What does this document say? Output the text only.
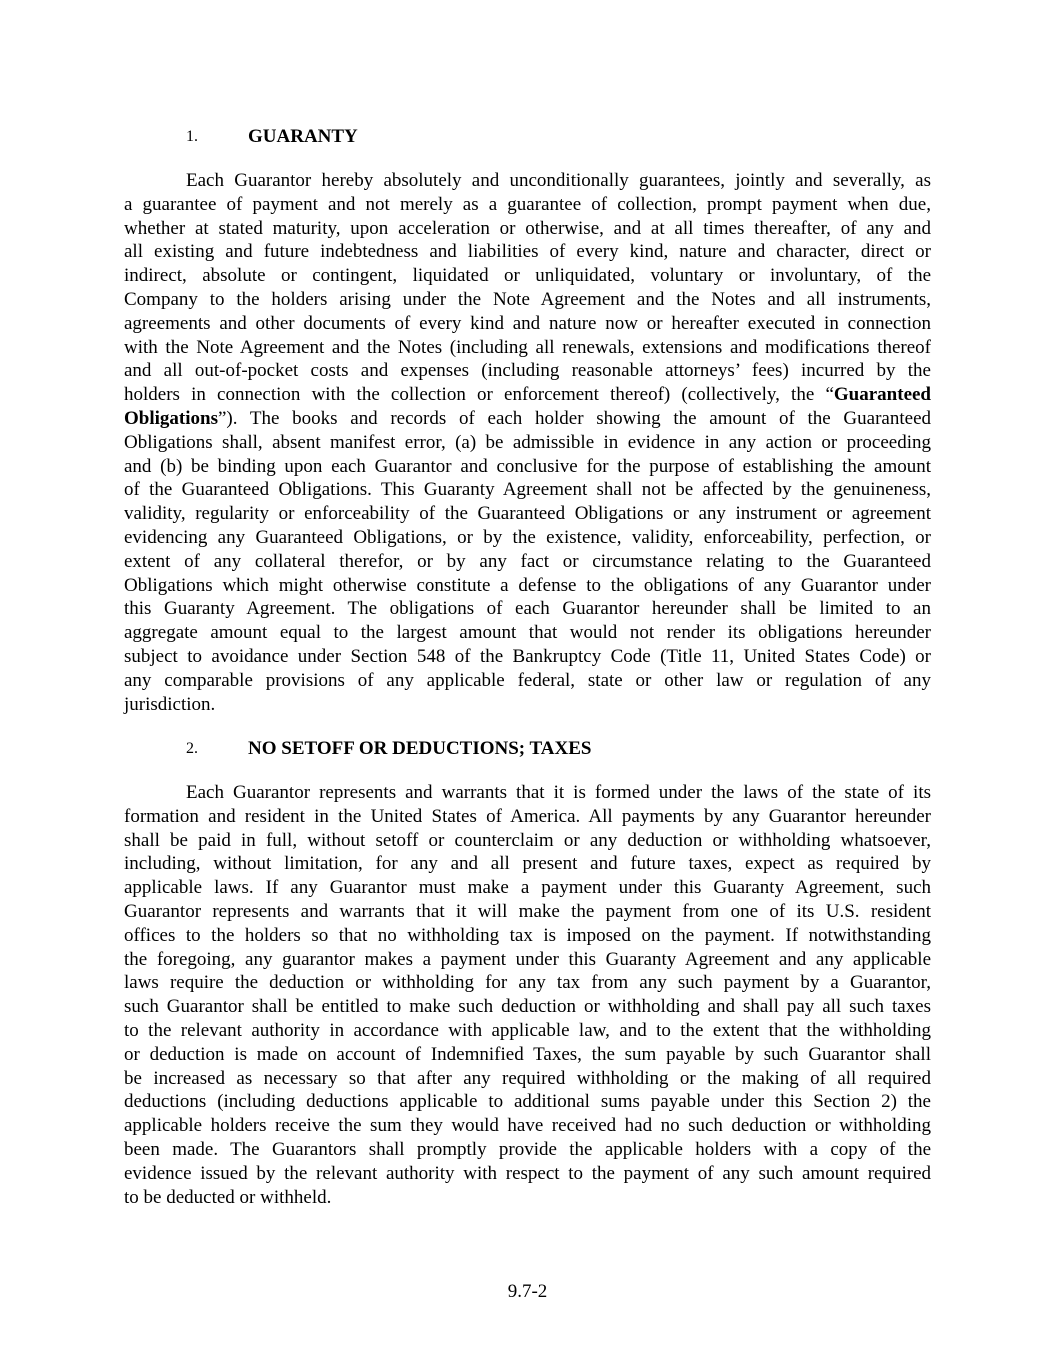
1.	GUARANTY
Each Guarantor hereby absolutely and unconditionally guarantees, jointly and severally, as
a guarantee of payment and not merely as a guarantee of collection, prompt payment when due,
whether at stated maturity, upon acceleration or otherwise, and at all times thereafter, of any and
all existing and future indebtedness and liabilities of every kind, nature and character, direct or
indirect, absolute or contingent, liquidated or unliquidated, voluntary or involuntary, of the
Company to the holders arising under the Note Agreement and the Notes and all instruments,
agreements and other documents of every kind and nature now or hereafter executed in connection
with the Note Agreement and the Notes (including all renewals, extensions and modifications thereof
and all out-of-pocket costs and expenses (including reasonable attorneys’ fees) incurred by the
holders in connection with the collection or enforcement thereof) (collectively, the “Guaranteed
Obligations”). The books and records of each holder showing the amount of the Guaranteed
Obligations shall, absent manifest error, (a) be admissible in evidence in any action or proceeding
and (b) be binding upon each Guarantor and conclusive for the purpose of establishing the amount
of the Guaranteed Obligations. This Guaranty Agreement shall not be affected by the genuineness,
validity, regularity or enforceability of the Guaranteed Obligations or any instrument or agreement
evidencing any Guaranteed Obligations, or by the existence, validity, enforceability, perfection, or
extent of any collateral therefor, or by any fact or circumstance relating to the Guaranteed
Obligations which might otherwise constitute a defense to the obligations of any Guarantor under
this Guaranty Agreement. The obligations of each Guarantor hereunder shall be limited to an
aggregate amount equal to the largest amount that would not render its obligations hereunder
subject to avoidance under Section 548 of the Bankruptcy Code (Title 11, United States Code) or
any comparable provisions of any applicable federal, state or other law or regulation of any
jurisdiction.
2.	NO SETOFF OR DEDUCTIONS; TAXES
Each Guarantor represents and warrants that it is formed under the laws of the state of its
formation and resident in the United States of America. All payments by any Guarantor hereunder
shall be paid in full, without setoff or counterclaim or any deduction or withholding whatsoever,
including, without limitation, for any and all present and future taxes, expect as required by
applicable laws. If any Guarantor must make a payment under this Guaranty Agreement, such
Guarantor represents and warrants that it will make the payment from one of its U.S. resident
offices to the holders so that no withholding tax is imposed on the payment. If notwithstanding
the foregoing, any guarantor makes a payment under this Guaranty Agreement and any applicable
laws require the deduction or withholding for any tax from any such payment by a Guarantor,
such Guarantor shall be entitled to make such deduction or withholding and shall pay all such taxes
to the relevant authority in accordance with applicable law, and to the extent that the withholding
or deduction is made on account of Indemnified Taxes, the sum payable by such Guarantor shall
be increased as necessary so that after any required withholding or the making of all required
deductions (including deductions applicable to additional sums payable under this Section 2) the
applicable holders receive the sum they would have received had no such deduction or withholding
been made. The Guarantors shall promptly provide the applicable holders with a copy of the
evidence issued by the relevant authority with respect to the payment of any such amount required
to be deducted or withheld.
9.7-2
